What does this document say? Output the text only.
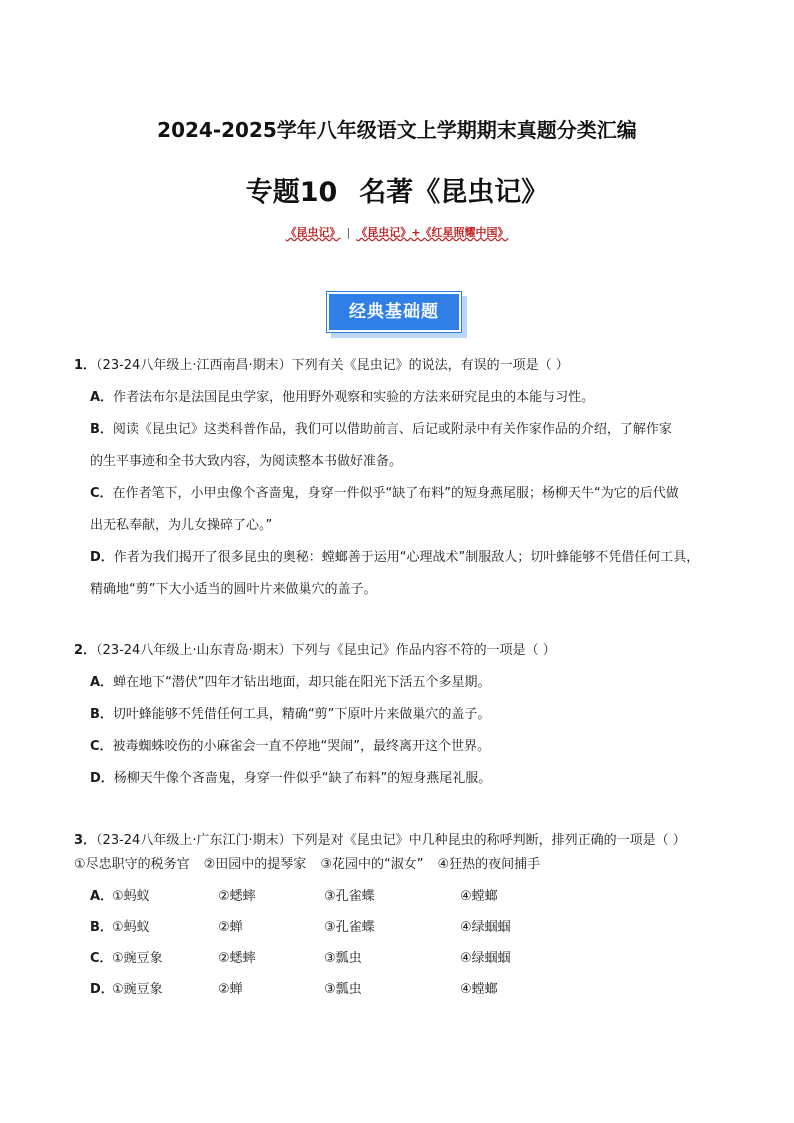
2024-2025学年八年级语文上学期期末真题分类汇编
专题10 名著《昆虫记》
《昆虫记》 | 《昆虫记》+《红星照耀中国》
经典基础题

1．（23-24八年级上·江西南昌·期末）下列有关《昆虫记》的说法，有误的一项是（ ）

A．作者法布尔是法国昆虫学家，他用野外观察和实验的方法来研究昆虫的本能与习性。

B．阅读《昆虫记》这类科普作品，我们可以借助前言、后记或附录中有关作家作品的介绍，了解作家

的生平事迹和全书大致内容，为阅读整本书做好准备。

C．在作者笔下，小甲虫像个吝啬鬼，身穿一件似乎“缺了布料”的短身燕尾服；杨柳天牛“为它的后代做

出无私奉献，为儿女操碎了心。”

D．作者为我们揭开了很多昆虫的奥秘：螳螂善于运用“心理战术”制服敌人；切叶蜂能够不凭借任何工具，

精确地“剪”下大小适当的圆叶片来做巢穴的盖子。

2．（23-24八年级上·山东青岛·期末）下列与《昆虫记》作品内容不符的一项是（ ）

A．蝉在地下“潜伏”四年才钻出地面，却只能在阳光下活五个多星期。

B．切叶蜂能够不凭借任何工具，精确“剪”下原叶片来做巢穴的盖子。

C．被毒蜘蛛咬伤的小麻雀会一直不停地“哭闹”，最终离开这个世界。

D．杨柳天牛像个吝啬鬼，身穿一件似乎“缺了布料”的短身燕尾礼服。

3．（23-24八年级上·广东江门·期末）下列是对《昆虫记》中几种昆虫的称呼判断，排列正确的一项是（ ）

①尽忠职守的税务官 ②田园中的提琴家 ③花园中的“淑女” ④狂热的夜间捕手

A．
①蚂蚁	②蟋蟀	③孔雀蝶	④螳螂
B． ①蚂蚁	②蝉	③孔雀蝶	④绿蝈蝈
C． ①豌豆象	②蟋蟀	③瓢虫	④绿蝈蝈
D．
①豌豆象	②蝉	③瓢虫	④螳螂
